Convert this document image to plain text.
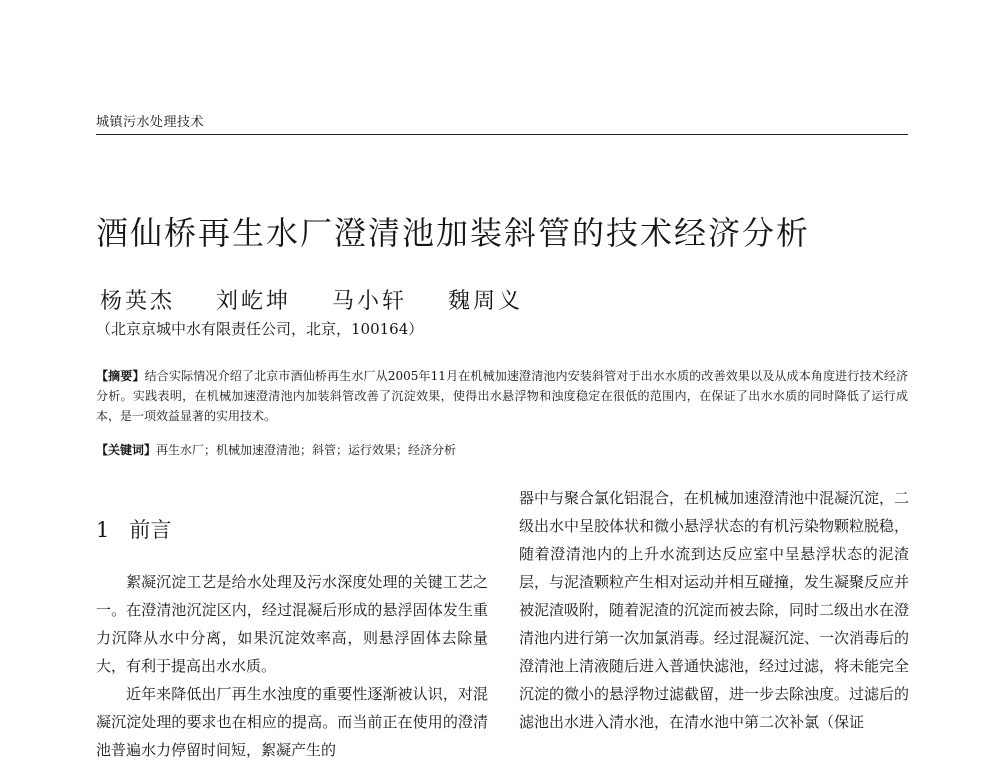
城镇污水处理技术
酒仙桥再生水厂澄清池加装斜管的技术经济分析
杨英杰 刘屹坤 马小轩 魏周义
（北京京城中水有限责任公司，北京，100164）
【摘要】结合实际情况介绍了北京市酒仙桥再生水厂从2005年11月在机械加速澄清池内安装斜管对于出水水质的改善效果以及从成本角度进行技术经济分析。实践表明，在机械加速澄清池内加装斜管改善了沉淀效果，使得出水悬浮物和浊度稳定在很低的范围内，在保证了出水水质的同时降低了运行成本，是一项效益显著的实用技术。
【关键词】再生水厂；机械加速澄清池；斜管；运行效果；经济分析
1 前言

絮凝沉淀工艺是给水处理及污水深度处理的关键工艺之一。在澄清池沉淀区内，经过混凝后形成的悬浮固体发生重力沉降从水中分离，如果沉淀效率高，则悬浮固体去除量大，有利于提高出水水质。

近年来降低出厂再生水浊度的重要性逐渐被认识，对混凝沉淀处理的要求也在相应的提高。而当前正在使用的澄清池普遍水力停留时间短，絮凝产生的

器中与聚合氯化铝混合，在机械加速澄清池中混凝沉淀，二级出水中呈胶体状和微小悬浮状态的有机污染物颗粒脱稳，随着澄清池内的上升水流到达反应室中呈悬浮状态的泥渣层，与泥渣颗粒产生相对运动并相互碰撞，发生凝聚反应并被泥渣吸附，随着泥渣的沉淀而被去除，同时二级出水在澄清池内进行第一次加氯消毒。经过混凝沉淀、一次消毒后的澄清池上清液随后进入普通快滤池，经过过滤，将未能完全沉淀的微小的悬浮物过滤截留，进一步去除浊度。过滤后的滤池出水进入清水池，在清水池中第二次补氯（保证
